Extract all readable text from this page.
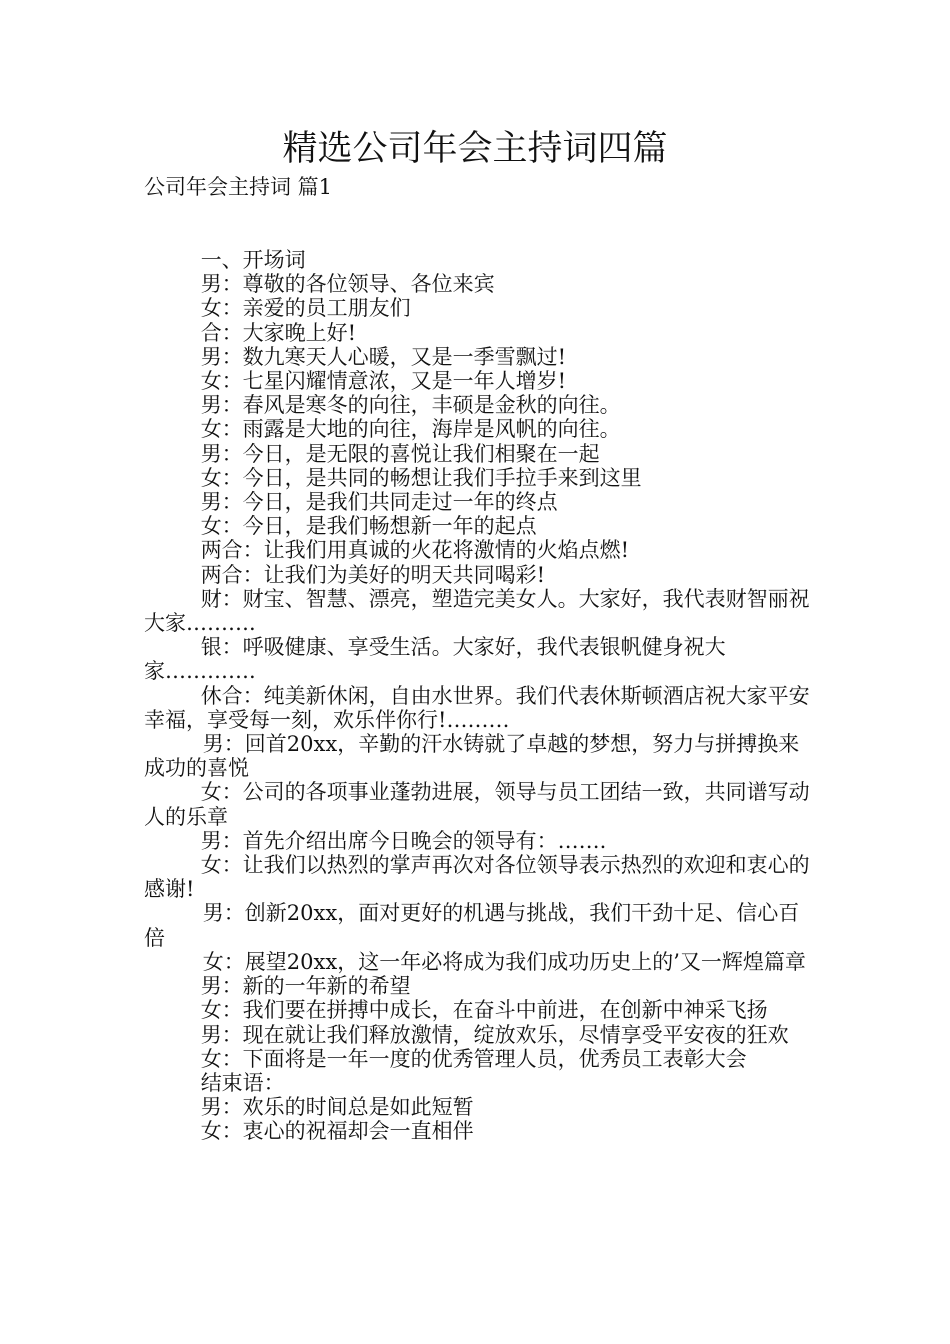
精选公司年会主持词四篇
公司年会主持词 篇1

一、开场词

男：尊敬的各位领导、各位来宾

女：亲爱的员工朋友们

合：大家晚上好!

男：数九寒天人心暖，又是一季雪飘过!

女：七星闪耀情意浓，又是一年人增岁!

男：春风是寒冬的向往，丰硕是金秋的向往。

女：雨露是大地的向往，海岸是风帆的向往。

男：今日，是无限的喜悦让我们相聚在一起

女：今日，是共同的畅想让我们手拉手来到这里

男：今日，是我们共同走过一年的终点

女：今日，是我们畅想新一年的起点

两合：让我们用真诚的火花将激情的火焰点燃!

两合：让我们为美好的明天共同喝彩!

财：财宝、智慧、漂亮，塑造完美女人。大家好，我代表财智丽祝大家……….

银：呼吸健康、享受生活。大家好，我代表银帆健身祝大家………….

休合：纯美新休闲，自由水世界。我们代表休斯顿酒店祝大家平安幸福，享受每一刻，欢乐伴你行!………

男：回首20xx，辛勤的汗水铸就了卓越的梦想，努力与拼搏换来成功的喜悦

女：公司的各项事业蓬勃进展，领导与员工团结一致，共同谱写动人的乐章

男：首先介绍出席今日晚会的领导有：…….

女：让我们以热烈的掌声再次对各位领导表示热烈的欢迎和衷心的感谢!

男：创新20xx，面对更好的机遇与挑战，我们干劲十足、信心百倍

女：展望20xx，这一年必将成为我们成功历史上的’又一辉煌篇章

男：新的一年新的希望

女：我们要在拼搏中成长，在奋斗中前进，在创新中神采飞扬

男：现在就让我们释放激情，绽放欢乐，尽情享受平安夜的狂欢

女：下面将是一年一度的优秀管理人员，优秀员工表彰大会

结束语：

男：欢乐的时间总是如此短暂

女：衷心的祝福却会一直相伴
